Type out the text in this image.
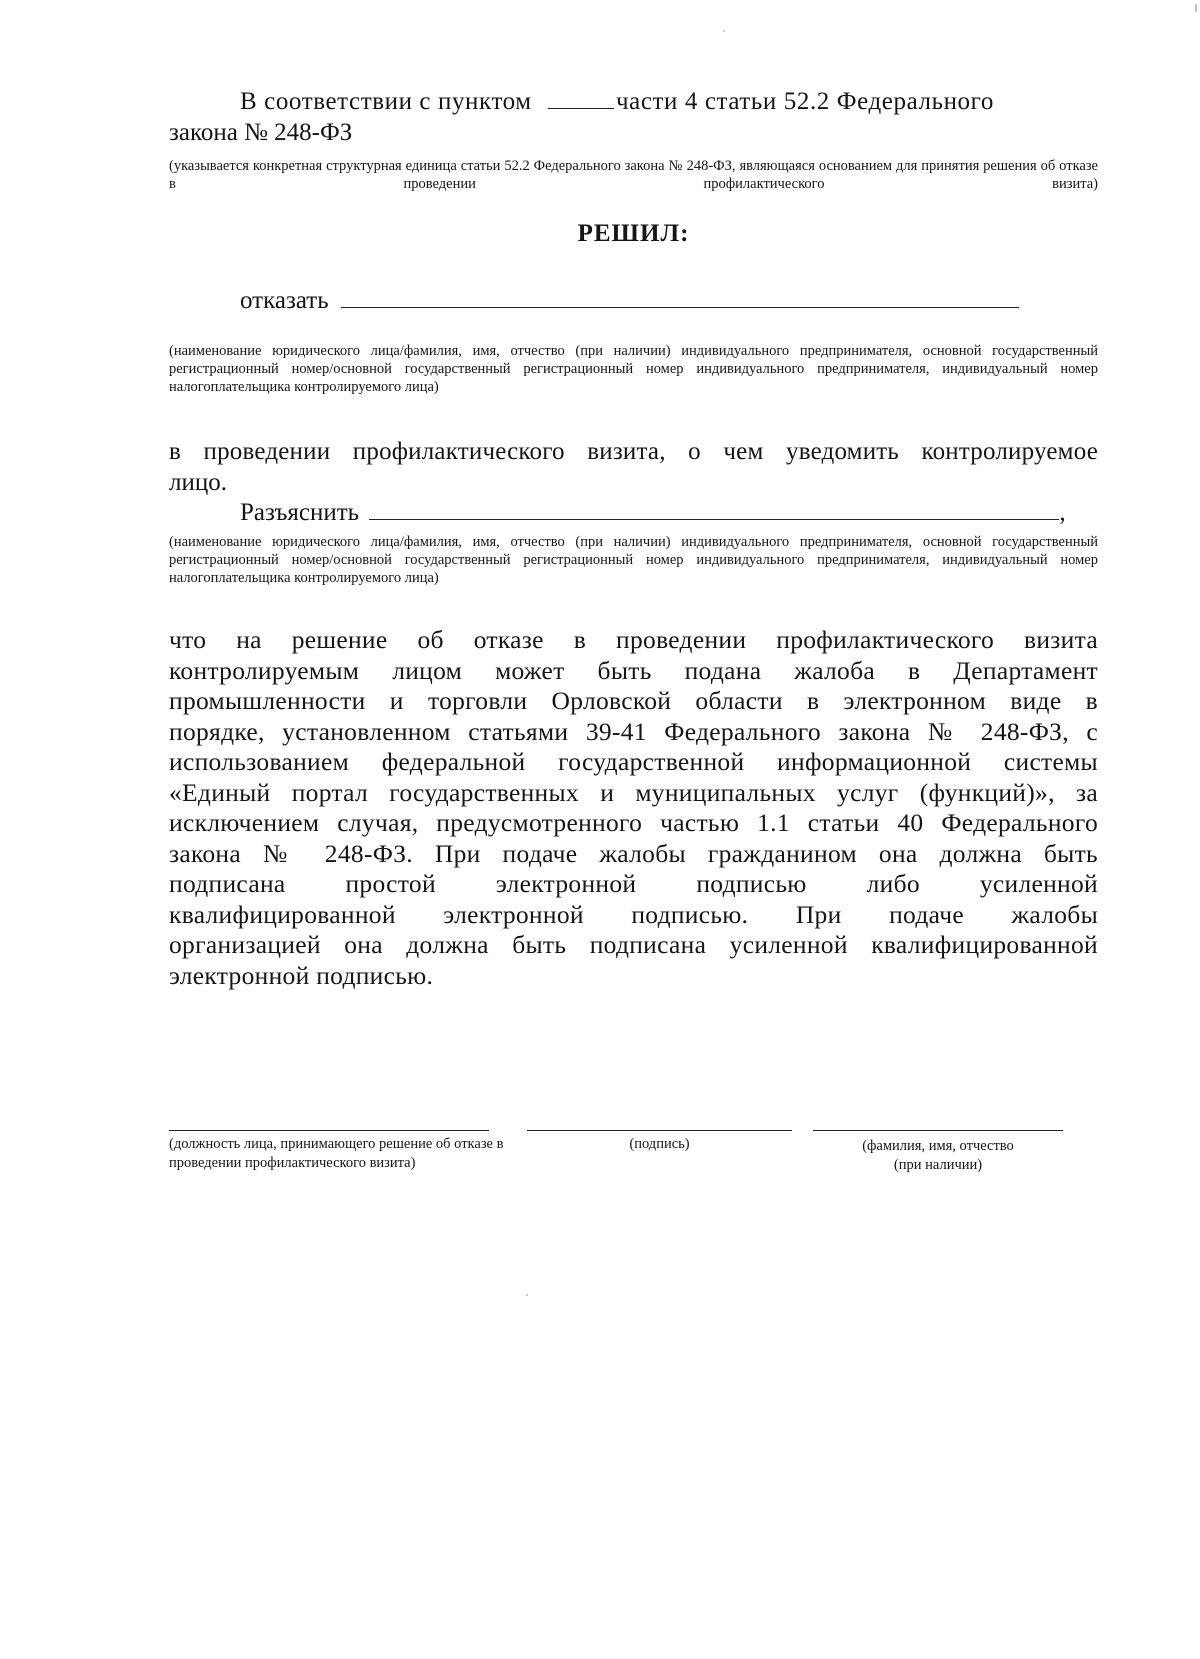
В соответствии с пунктом	части 4 статьи 52.2 Федерального
закона № 248-ФЗ
(указывается конкретная структурная единица статьи 52.2 Федерального закона № 248-ФЗ, являющаяся основанием для принятия решения об отказе в проведении профилактического визита)
РЕШИЛ:
отказать
(наименование юридического лица/фамилия, имя, отчество (при наличии) индивидуального предпринимателя, основной государственный регистрационный номер/основной государственный регистрационный номер индивидуального предпринимателя, индивидуальный номер налогоплательщика контролируемого лица)
в проведении профилактического визита, о чем уведомить контролируемое
лицо.
Разъяснить	,
(наименование юридического лица/фамилия, имя, отчество (при наличии) индивидуального предпринимателя, основной государственный регистрационный номер/основной государственный регистрационный номер индивидуального предпринимателя, индивидуальный номер налогоплательщика контролируемого лица)
что на решение об отказе в проведении профилактического визита
контролируемым лицом может быть подана жалоба в Департамент
промышленности и торговли Орловской области в электронном виде в
порядке, установленном статьями 39-41 Федерального закона № 248-ФЗ, с
использованием федеральной государственной информационной системы
«Единый портал государственных и муниципальных услуг (функций)», за
исключением случая, предусмотренного частью 1.1 статьи 40 Федерального
закона № 248-ФЗ. При подаче жалобы гражданином она должна быть
подписана простой электронной подписью либо усиленной
квалифицированной электронной подписью. При подаче жалобы
организацией она должна быть подписана усиленной квалифицированной
электронной подписью.
(должность лица, принимающего решение об отказе в проведении профилактического визита)
(подпись)	(фамилия, имя, отчество
(при наличии)
